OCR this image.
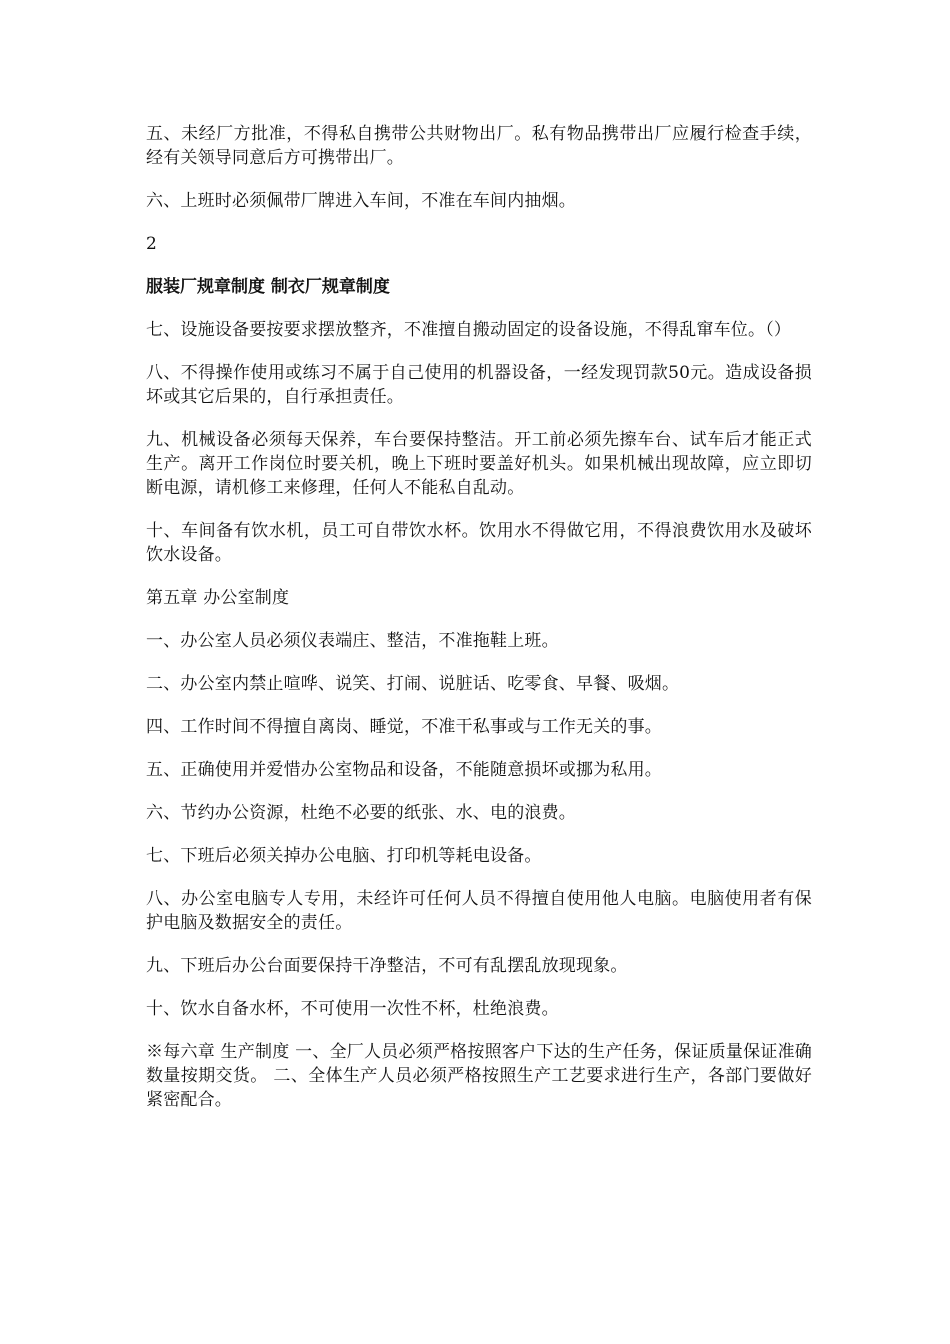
五、未经厂方批准，不得私自携带公共财物出厂。私有物品携带出厂应履行检查手续，经有关领导同意后方可携带出厂。

六、上班时必须佩带厂牌进入车间，不准在车间内抽烟。

2

服装厂规章制度 制衣厂规章制度

七、设施设备要按要求摆放整齐，不准擅自搬动固定的设备设施，不得乱窜车位。（）

八、不得操作使用或练习不属于自己使用的机器设备，一经发现罚款50元。造成设备损坏或其它后果的，自行承担责任。

九、机械设备必须每天保养，车台要保持整洁。开工前必须先擦车台、试车后才能正式生产。离开工作岗位时要关机，晚上下班时要盖好机头。如果机械出现故障，应立即切断电源，请机修工来修理，任何人不能私自乱动。

十、车间备有饮水机，员工可自带饮水杯。饮用水不得做它用，不得浪费饮用水及破坏饮水设备。

第五章 办公室制度

一、办公室人员必须仪表端庄、整洁，不准拖鞋上班。

二、办公室内禁止喧哗、说笑、打闹、说脏话、吃零食、早餐、吸烟。

四、工作时间不得擅自离岗、睡觉，不准干私事或与工作无关的事。

五、正确使用并爱惜办公室物品和设备，不能随意损坏或挪为私用。

六、节约办公资源，杜绝不必要的纸张、水、电的浪费。

七、下班后必须关掉办公电脑、打印机等耗电设备。

八、办公室电脑专人专用，未经许可任何人员不得擅自使用他人电脑。电脑使用者有保护电脑及数据安全的责任。

九、下班后办公台面要保持干净整洁，不可有乱摆乱放现现象。

十、饮水自备水杯，不可使用一次性不杯，杜绝浪费。

※每六章 生产制度 一、全厂人员必须严格按照客户下达的生产任务，保证质量保证准确数量按期交货。 二、全体生产人员必须严格按照生产工艺要求进行生产，各部门要做好紧密配合。
